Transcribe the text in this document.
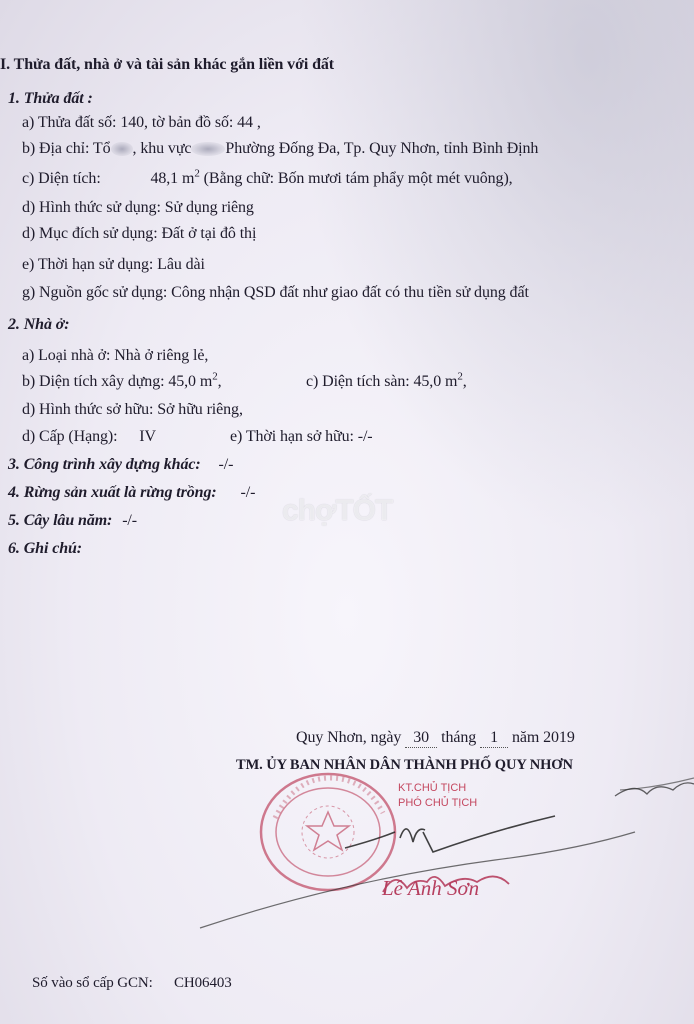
I. Thửa đất, nhà ở và tài sản khác gắn liền với đất
1. Thửa đất :
a) Thửa đất số: 140, tờ bản đồ số: 44 ,
b) Địa chỉ: Tổ , khu vực Phường Đống Đa, Tp. Quy Nhơn, tỉnh Bình Định
c) Diện tích:	48,1 $m^2$ (Bằng chữ: Bốn mươi tám phẩy một mét vuông),
d) Hình thức sử dụng: Sử dụng riêng
d) Mục đích sử dụng: Đất ở tại đô thị
e) Thời hạn sử dụng: Lâu dài
g) Nguồn gốc sử dụng: Công nhận QSD đất như giao đất có thu tiền sử dụng đất
2. Nhà ở:
a) Loại nhà ở: Nhà ở riêng lẻ,
b) Diện tích xây dựng: 45,0 $m^2$,	c) Diện tích sàn: 45,0 $m^2$,
d) Hình thức sở hữu: Sở hữu riêng,
d) Cấp (Hạng): IV	e) Thời hạn sở hữu: -/-
3. Công trình xây dựng khác: -/-
4. Rừng sản xuất là rừng trồng: -/-
5. Cây lâu năm: -/-
6. Ghi chú:
chợTỐT
Quy Nhơn, ngày 30 tháng 1 năm 2019
TM. ỦY BAN NHÂN DÂN THÀNH PHỐ QUY NHƠN
KT.CHỦ TỊCH
PHÓ CHỦ TỊCH
Lê Anh Sơn
Số vào sổ cấp GCN: CH06403
